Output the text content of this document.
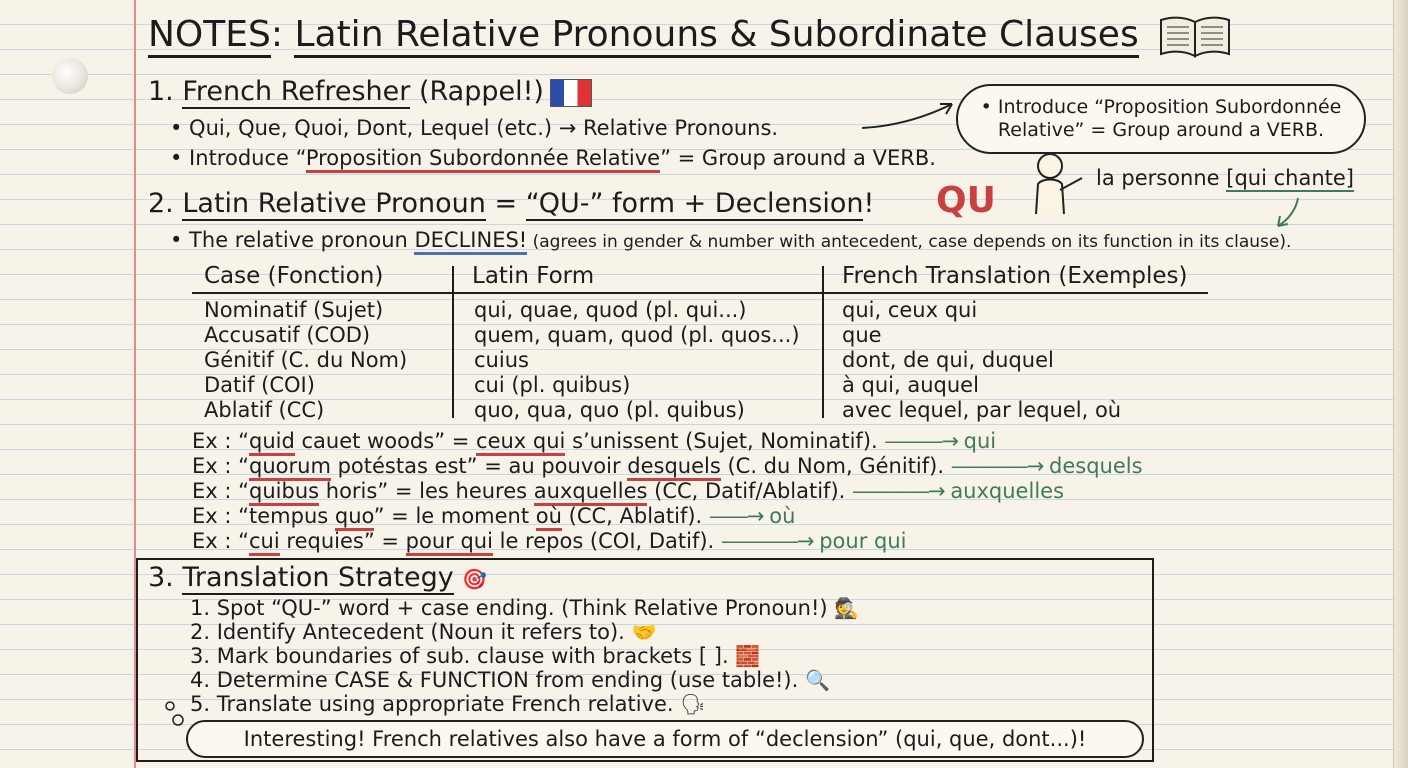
NOTES: Latin Relative Pronouns & Subordinate Clauses
1. French Refresher (Rappel!)
• Qui, Que, Quoi, Dont, Lequel (etc.) → Relative Pronouns.
• Introduce “Proposition Subordonnée Relative” = Group around a VERB.
• Introduce “Proposition Subordonnée Relative” = Group around a VERB.
2. Latin Relative Pronoun = “QU-” form + Declension! QU
la personne [qui chante]
• The relative pronoun DECLINES! (agrees in gender & number with antecedent, case depends on its function in its clause).
Case (Fonction)	Latin Form	French Translation (Exemples)
Nominatif (Sujet)
Accusatif (COD)
Génitif (C. du Nom)
Datif (COI)
Ablatif (CC)
qui, quae, quod (pl. qui...)
quem, quam, quod (pl. quos...)
cuius
cui (pl. quibus)
quo, qua, quo (pl. quibus)
qui, ceux qui
que
dont, de qui, duquel
à qui, auquel
avec lequel, par lequel, où
Ex : “quid cauet woods” = ceux qui s’unissent (Sujet, Nominatif). ———→ qui
Ex : “quorum potéstas est” = au pouvoir desquels (C. du Nom, Génitif). ————→ desquels
Ex : “quibus horis” = les heures auxquelles (CC, Datif/Ablatif). ————→ auxquelles
Ex : “tempus quo” = le moment où (CC, Ablatif). ——→ où
Ex : “cui requies” = pour qui le repos (COI, Datif). ————→ pour qui
3. Translation Strategy 🎯
1. Spot “QU-” word + case ending. (Think Relative Pronoun!) 🕵
2. Identify Antecedent (Noun it refers to). 🤝
3. Mark boundaries of sub. clause with brackets [ ]. 🧱
4. Determine CASE & FUNCTION from ending (use table!). 🔍
5. Translate using appropriate French relative. 🗣
Interesting! French relatives also have a form of “declension” (qui, que, dont...)!
